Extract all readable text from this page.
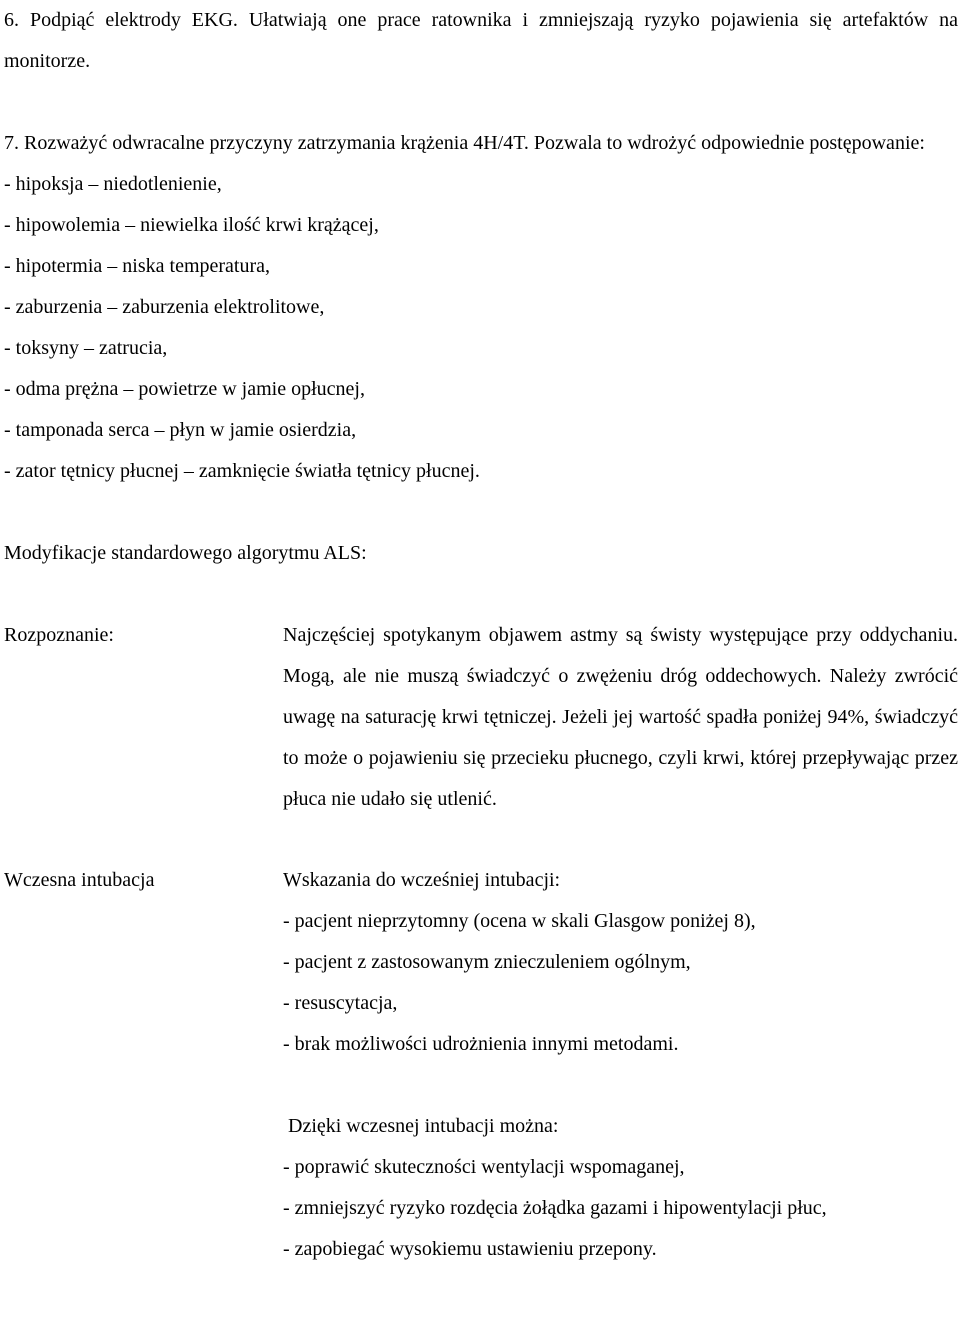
6. Podpiąć elektrody EKG. Ułatwiają one prace ratownika i zmniejszają ryzyko pojawienia się artefaktów na monitorze.

7. Rozważyć odwracalne przyczyny zatrzymania krążenia 4H/4T. Pozwala to wdrożyć odpowiednie postępowanie:

- hipoksja – niedotlenienie,

- hipowolemia – niewielka ilość krwi krążącej,

- hipotermia – niska temperatura,

- zaburzenia – zaburzenia elektrolitowe,

- toksyny – zatrucia,

- odma prężna – powietrze w jamie opłucnej,

- tamponada serca – płyn w jamie osierdzia,

- zator tętnicy płucnej – zamknięcie światła tętnicy płucnej.

Modyfikacje standardowego algorytmu ALS:

Rozpoznanie:	Najczęściej spotykanym objawem astmy są świsty występujące przy oddychaniu. Mogą, ale nie muszą świadczyć o zwężeniu dróg oddechowych. Należy zwrócić uwagę na saturację krwi tętniczej. Jeżeli jej wartość spadła poniżej 94%, świadczyć to może o pojawieniu się przecieku płucnego, czyli krwi, której przepływając przez płuca nie udało się utlenić.
Wczesna intubacja	Wskazania do wcześniej intubacji:

- pacjent nieprzytomny (ocena w skali Glasgow poniżej 8),

- pacjent z zastosowanym znieczuleniem ogólnym,

- resuscytacja,

- brak możliwości udrożnienia innymi metodami.

Dzięki wczesnej intubacji można:

- poprawić skuteczności wentylacji wspomaganej,

- zmniejszyć ryzyko rozdęcia żołądka gazami i hipowentylacji płuc,

- zapobiegać wysokiemu ustawieniu przepony.
